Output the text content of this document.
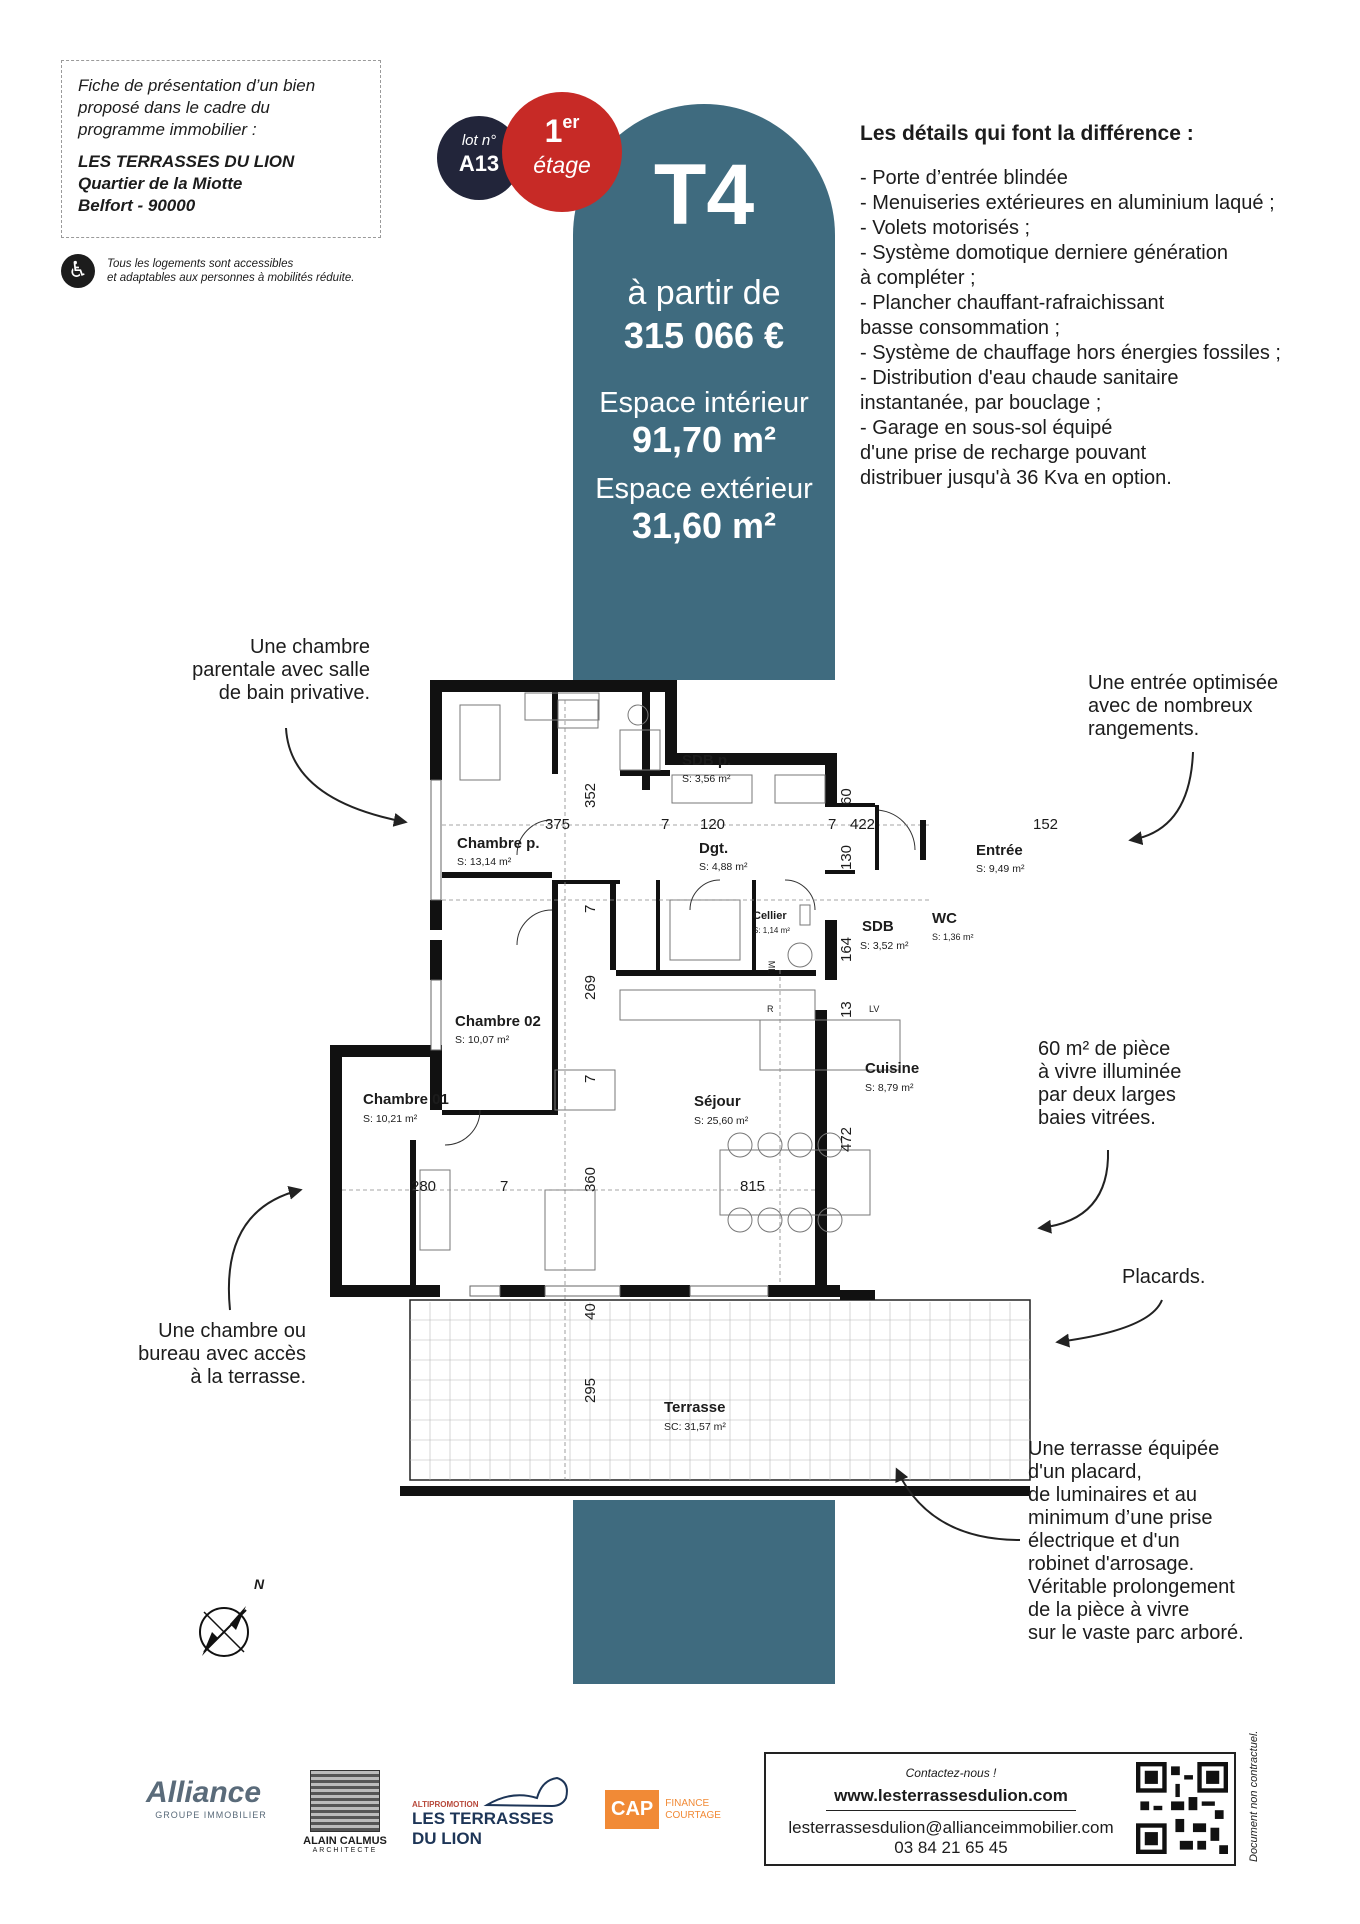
Fiche de présentation d’un bien
proposé dans le cadre du
programme immobilier :
LES TERRASSES DU LION
Quartier de la Miotte
Belfort - 90000
♿	Tous les logements sont accessibles
et adaptables aux personnes à mobilités réduite.
lot n°
A13
1er
étage T4
à partir de
315 066 €
Espace intérieur
91,70 m²
Espace extérieur
31,60 m²
Les détails qui font la différence :
- Porte d’entrée blindée
- Menuiseries extérieures en aluminium laqué ;
- Volets motorisés ;
- Système domotique derniere génération
à compléter ;
- Plancher chauffant-rafraichissant
basse consommation ;
- Système de chauffage hors énergies fossiles ;
- Distribution d'eau chaude sanitaire
instantanée, par bouclage ;
- Garage en sous-sol équipé
d'une prise de recharge pouvant
distribuer jusqu'à 36 Kva en option.
Chambre p.
S: 13,14 m²
SDB p.
S: 3,56 m²
Dgt.
S: 4,88 m²
Entrée
S: 9,49 m²
Cellier
S: 1,14 m²	SDB
S: 3,52 m²
WC
S: 1,36 m²
Chambre 02
S: 10,07 m²
Chambre 01
S: 10,21 m²
Séjour
S: 25,60 m²
Cuisine
S: 8,79 m²
Terrasse
SC: 31,57 m²
375	7 120	7 422	152
352	60
130
7
164
269
13
7
280	7	360	815
472
40
295
ML
R	LV
Une chambre
parentale avec salle
de bain privative.	Une entrée optimisée
avec de nombreux
rangements.
60 m² de pièce
à vivre illuminée
par deux larges
baies vitrées.
Placards.
Une chambre ou
bureau avec accès
à la terrasse.
Une terrasse équipée
d'un placard,
de luminaires et au
minimum d’une prise
électrique et d'un
robinet d'arrosage.
Véritable prolongement
de la pièce à vivre
sur le vaste parc arboré.
N
Alliance
GROUPE IMMOBILIER
ALAIN CALMUS
ARCHITECTE
ALTIPROMOTION
LES TERRASSES DU LION
CAP	FINANCE
COURTAGE
Contactez-nous !
www.lesterrassesdulion.com
lesterrassesdulion@allianceimmobilier.com
03 84 21 65 45	Document non contractuel.
